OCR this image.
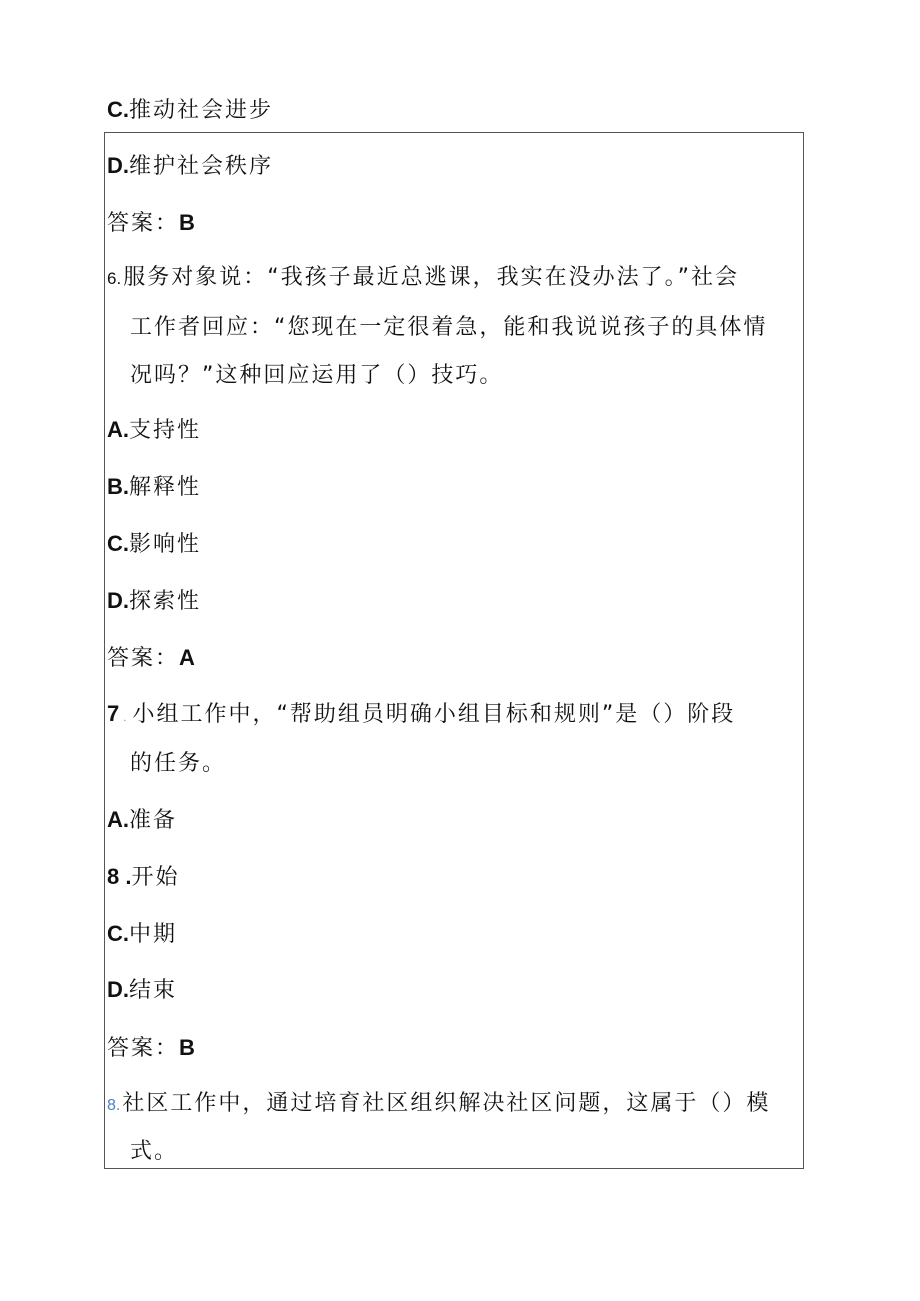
C.推动社会进步
D.维护社会秩序
答案：B
6.服务对象说：“我孩子最近总逃课，我实在没办法了。”社会
工作者回应：“您现在一定很着急，能和我说说孩子的具体情
况吗？”这种回应运用了（）技巧。
A.支持性
B.解释性
C.影响性
D.探索性
答案：A
7 . 小组工作中，“帮助组员明确小组目标和规则”是（）阶段
的任务。
A.准备
8 .开始
C.中期
D.结束
答案：B
8.社区工作中，通过培育社区组织解决社区问题，这属于（）模
式。
